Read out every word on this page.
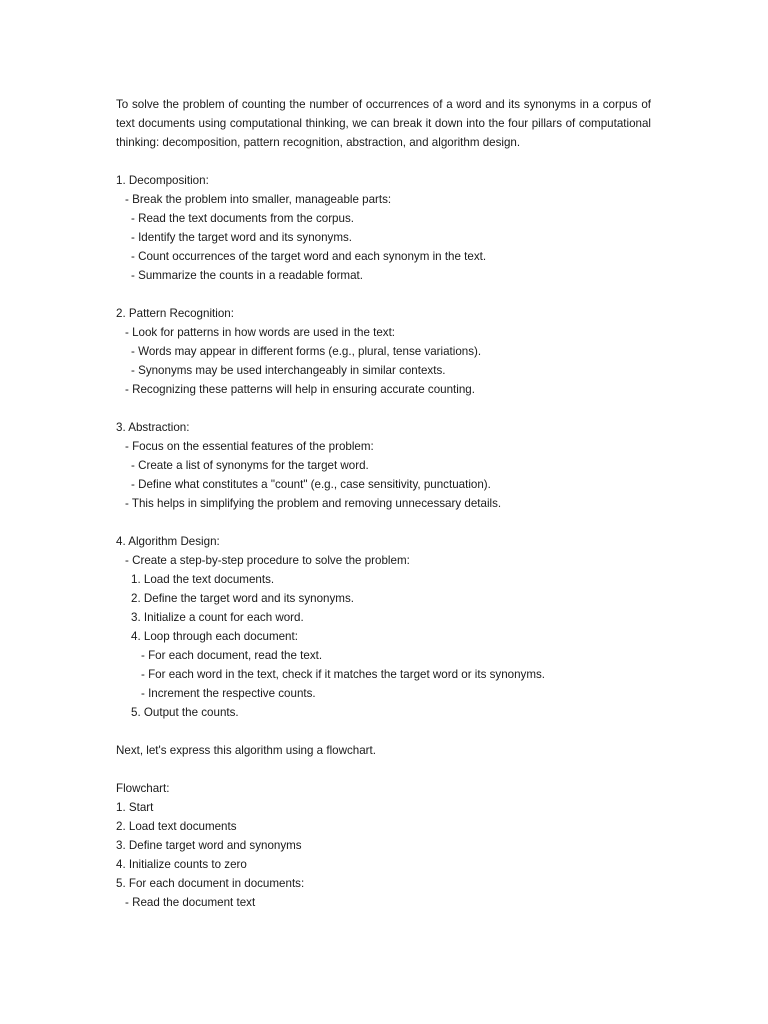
To solve the problem of counting the number of occurrences of a word and its synonyms in a corpus of text documents using computational thinking, we can break it down into the four pillars of computational thinking: decomposition, pattern recognition, abstraction, and algorithm design.

1. Decomposition:
- Break the problem into smaller, manageable parts:
- Read the text documents from the corpus.
- Identify the target word and its synonyms.
- Count occurrences of the target word and each synonym in the text.
- Summarize the counts in a readable format.
2. Pattern Recognition:
- Look for patterns in how words are used in the text:
- Words may appear in different forms (e.g., plural, tense variations).
- Synonyms may be used interchangeably in similar contexts.
- Recognizing these patterns will help in ensuring accurate counting.
3. Abstraction:
- Focus on the essential features of the problem:
- Create a list of synonyms for the target word.
- Define what constitutes a "count" (e.g., case sensitivity, punctuation).
- This helps in simplifying the problem and removing unnecessary details.
4. Algorithm Design:
- Create a step-by-step procedure to solve the problem:
1. Load the text documents.
2. Define the target word and its synonyms.
3. Initialize a count for each word.
4. Loop through each document:
- For each document, read the text.
- For each word in the text, check if it matches the target word or its synonyms.
- Increment the respective counts.
5. Output the counts.

Next, let's express this algorithm using a flowchart.

Flowchart:
1. Start
2. Load text documents
3. Define target word and synonyms
4. Initialize counts to zero
5. For each document in documents:
- Read the document text
